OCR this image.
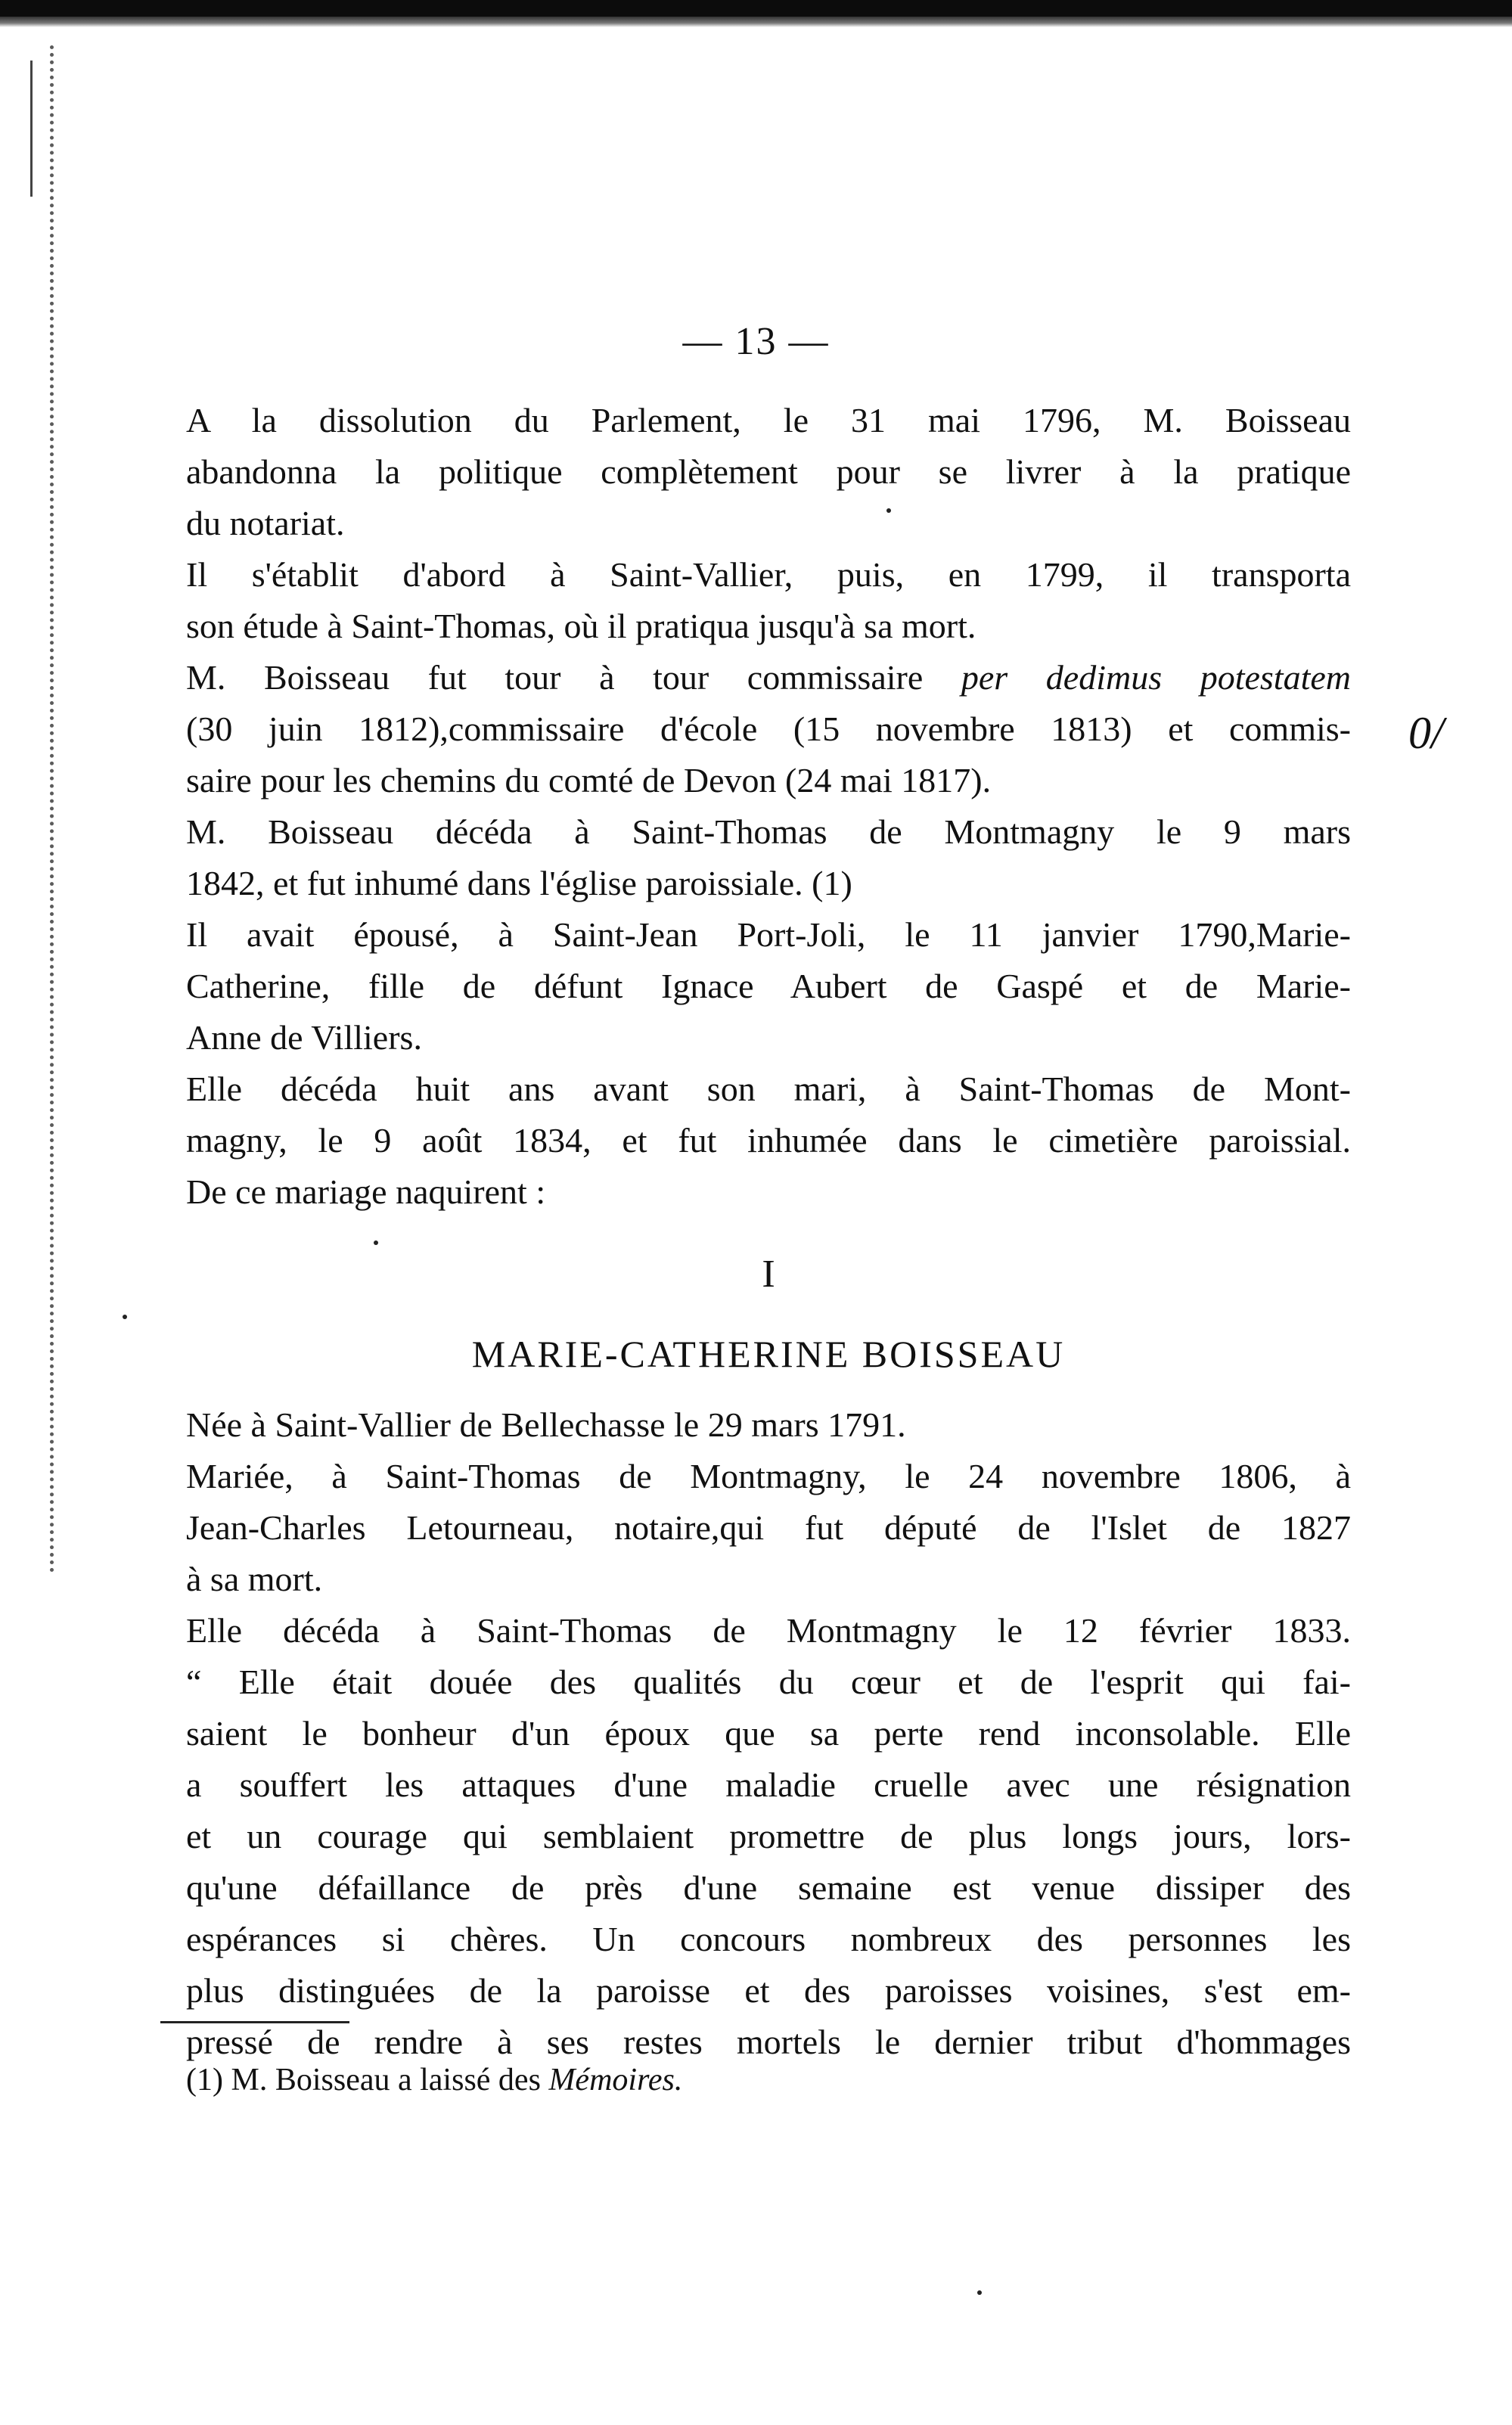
— 13 —
A la dissolution du Parlement, le 31 mai 1796, M. Boisseau
abandonna la politique complètement pour se livrer à la pratique
du notariat.
Il s'établit d'abord à Saint-Vallier, puis, en 1799, il transporta
son étude à Saint-Thomas, où il pratiqua jusqu'à sa mort.
M. Boisseau fut tour à tour commissaire per dedimus potestatem
(30 juin 1812),commissaire d'école (15 novembre 1813) et commis-
saire pour les chemins du comté de Devon (24 mai 1817).
M. Boisseau décéda à Saint-Thomas de Montmagny le 9 mars
1842, et fut inhumé dans l'église paroissiale. (1)
Il avait épousé, à Saint-Jean Port-Joli, le 11 janvier 1790,Marie-
Catherine, fille de défunt Ignace Aubert de Gaspé et de Marie-
Anne de Villiers.
Elle décéda huit ans avant son mari, à Saint-Thomas de Mont-
magny, le 9 août 1834, et fut inhumée dans le cimetière paroissial.
De ce mariage naquirent :
I
MARIE-CATHERINE BOISSEAU
Née à Saint-Vallier de Bellechasse le 29 mars 1791.
Mariée, à Saint-Thomas de Montmagny, le 24 novembre 1806, à
Jean-Charles Letourneau, notaire,qui fut député de l'Islet de 1827
à sa mort.
Elle décéda à Saint-Thomas de Montmagny le 12 février 1833.
“ Elle était douée des qualités du cœur et de l'esprit qui fai-
saient le bonheur d'un époux que sa perte rend inconsolable. Elle
a souffert les attaques d'une maladie cruelle avec une résignation
et un courage qui semblaient promettre de plus longs jours, lors-
qu'une défaillance de près d'une semaine est venue dissiper des
espérances si chères. Un concours nombreux des personnes les
plus distinguées de la paroisse et des paroisses voisines, s'est em-
pressé de rendre à ses restes mortels le dernier tribut d'hommages
0/
(1) M. Boisseau a laissé des Mémoires.
